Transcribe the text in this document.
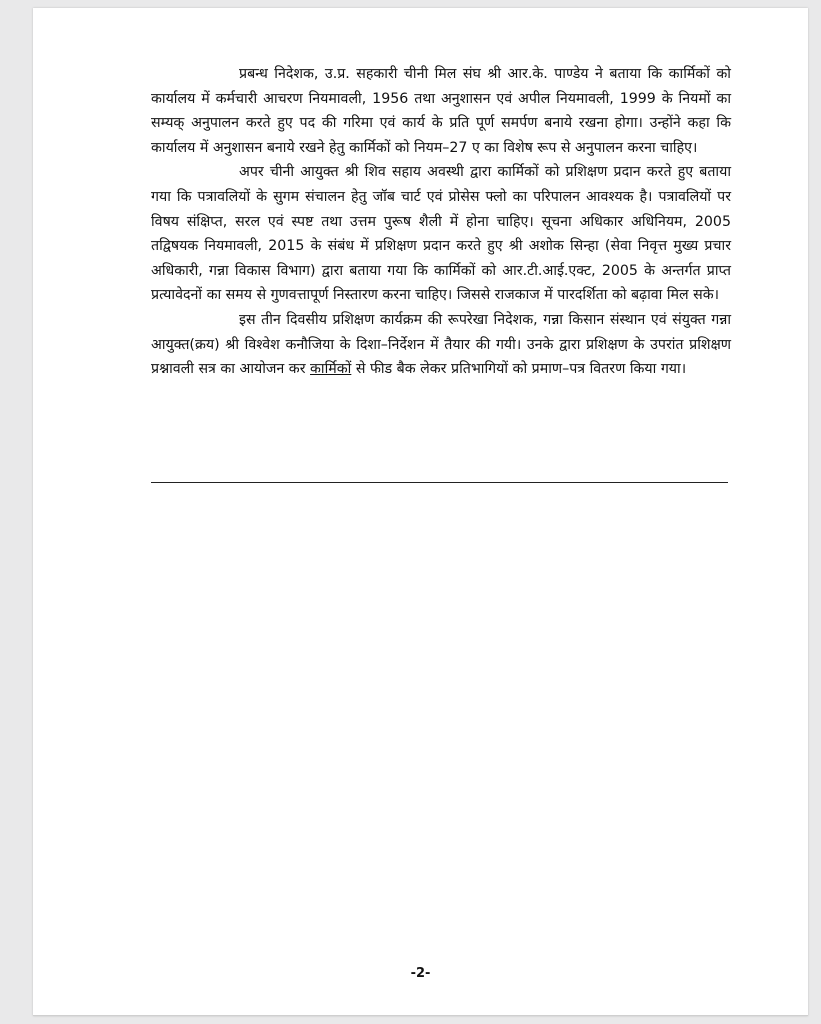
प्रबन्ध निदेशक, उ.प्र. सहकारी चीनी मिल संघ श्री आर.के. पाण्डेय ने बताया कि कार्मिकों को कार्यालय में कर्मचारी आचरण नियमावली, 1956 तथा अनुशासन एवं अपील नियमावली, 1999 के नियमों का सम्यक् अनुपालन करते हुए पद की गरिमा एवं कार्य के प्रति पूर्ण समर्पण बनाये रखना होगा। उन्होंने कहा कि कार्यालय में अनुशासन बनाये रखने हेतु कार्मिकों को नियम–27 ए का विशेष रूप से अनुपालन करना चाहिए।

अपर चीनी आयुक्त श्री शिव सहाय अवस्थी द्वारा कार्मिकों को प्रशिक्षण प्रदान करते हुए बताया गया कि पत्रावलियों के सुगम संचालन हेतु जॉब चार्ट एवं प्रोसेस फ्लो का परिपालन आवश्यक है। पत्रावलियों पर विषय संक्षिप्त, सरल एवं स्पष्ट तथा उत्तम पुरूष शैली में होना चाहिए। सूचना अधिकार अधिनियम, 2005 तद्विषयक नियमावली, 2015 के संबंध में प्रशिक्षण प्रदान करते हुए श्री अशोक सिन्हा (सेवा निवृत्त मुख्य प्रचार अधिकारी, गन्ना विकास विभाग) द्वारा बताया गया कि कार्मिकों को आर.टी.आई.एक्ट, 2005 के अन्तर्गत प्राप्त प्रत्यावेदनों का समय से गुणवत्तापूर्ण निस्तारण करना चाहिए। जिससे राजकाज में पारदर्शिता को बढ़ावा मिल सके।

इस तीन दिवसीय प्रशिक्षण कार्यक्रम की रूपरेखा निदेशक, गन्ना किसान संस्थान एवं संयुक्त गन्ना आयुक्त(क्रय) श्री विश्वेश कनौजिया के दिशा–निर्देशन में तैयार की गयी। उनके द्वारा प्रशिक्षण के उपरांत प्रशिक्षण प्रश्नावली सत्र का आयोजन कर कार्मिकों से फीड बैक लेकर प्रतिभागियों को प्रमाण–पत्र वितरण किया गया।

-2-
